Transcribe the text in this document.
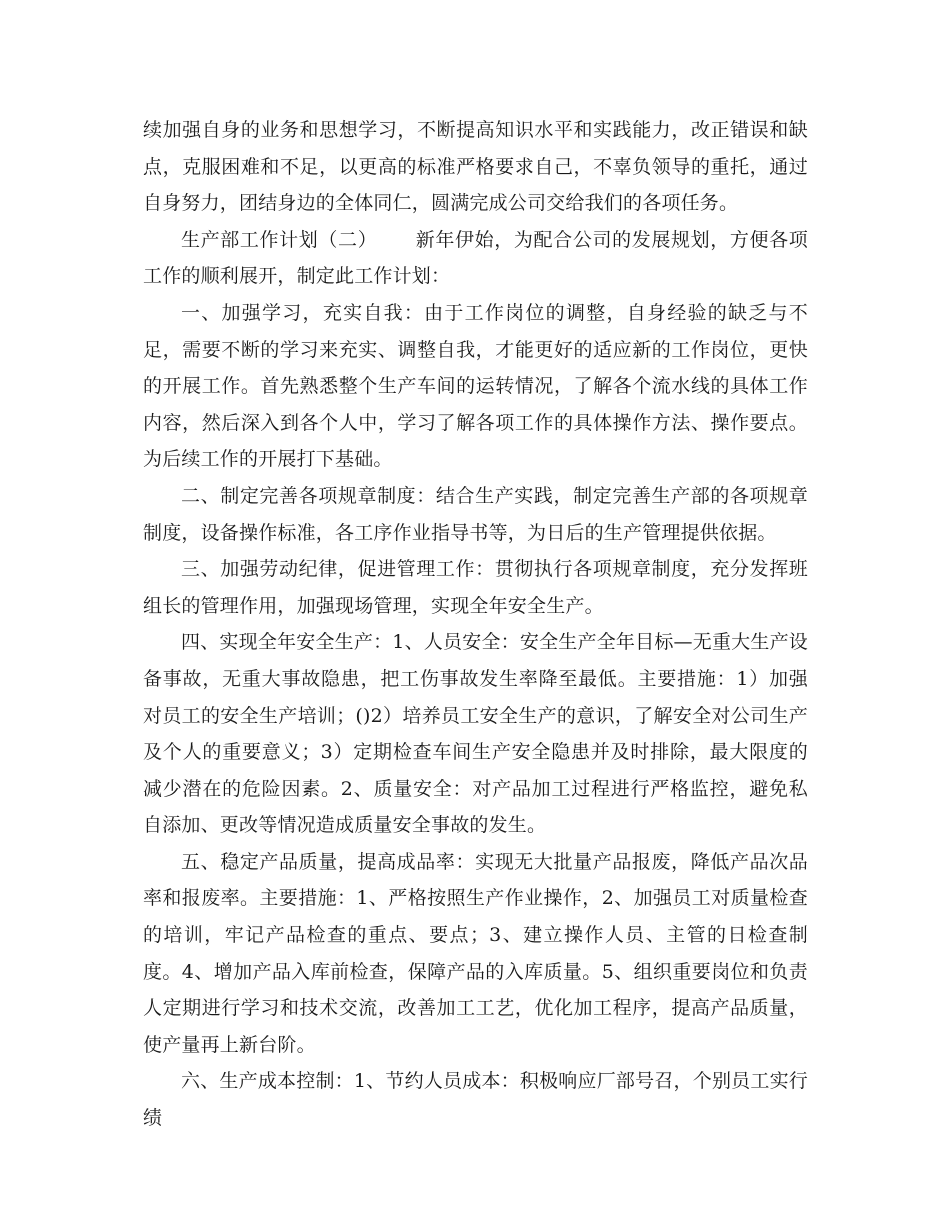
续加强自身的业务和思想学习，不断提高知识水平和实践能力，改正错误和缺点，克服困难和不足，以更高的标准严格要求自己，不辜负领导的重托，通过自身努力，团结身边的全体同仁，圆满完成公司交给我们的各项任务。

生产部工作计划（二） 新年伊始，为配合公司的发展规划，方便各项工作的顺利展开，制定此工作计划：

一、加强学习，充实自我：由于工作岗位的调整，自身经验的缺乏与不足，需要不断的学习来充实、调整自我，才能更好的适应新的工作岗位，更快的开展工作。首先熟悉整个生产车间的运转情况，了解各个流水线的具体工作内容，然后深入到各个人中，学习了解各项工作的具体操作方法、操作要点。为后续工作的开展打下基础。

二、制定完善各项规章制度：结合生产实践，制定完善生产部的各项规章制度，设备操作标准，各工序作业指导书等，为日后的生产管理提供依据。

三、加强劳动纪律，促进管理工作：贯彻执行各项规章制度，充分发挥班组长的管理作用，加强现场管理，实现全年安全生产。

四、实现全年安全生产：1、人员安全：安全生产全年目标—无重大生产设备事故，无重大事故隐患，把工伤事故发生率降至最低。主要措施：1）加强对员工的安全生产培训；()2）培养员工安全生产的意识，了解安全对公司生产及个人的重要意义；3）定期检查车间生产安全隐患并及时排除，最大限度的减少潜在的危险因素。2、质量安全：对产品加工过程进行严格监控，避免私自添加、更改等情况造成质量安全事故的发生。

五、稳定产品质量，提高成品率：实现无大批量产品报废，降低产品次品率和报废率。主要措施：1、严格按照生产作业操作，2、加强员工对质量检查的培训，牢记产品检查的重点、要点；3、建立操作人员、主管的日检查制度。4、增加产品入库前检查，保障产品的入库质量。5、组织重要岗位和负责人定期进行学习和技术交流，改善加工工艺，优化加工程序，提高产品质量，使产量再上新台阶。

六、生产成本控制：1、节约人员成本：积极响应厂部号召，个别员工实行绩
